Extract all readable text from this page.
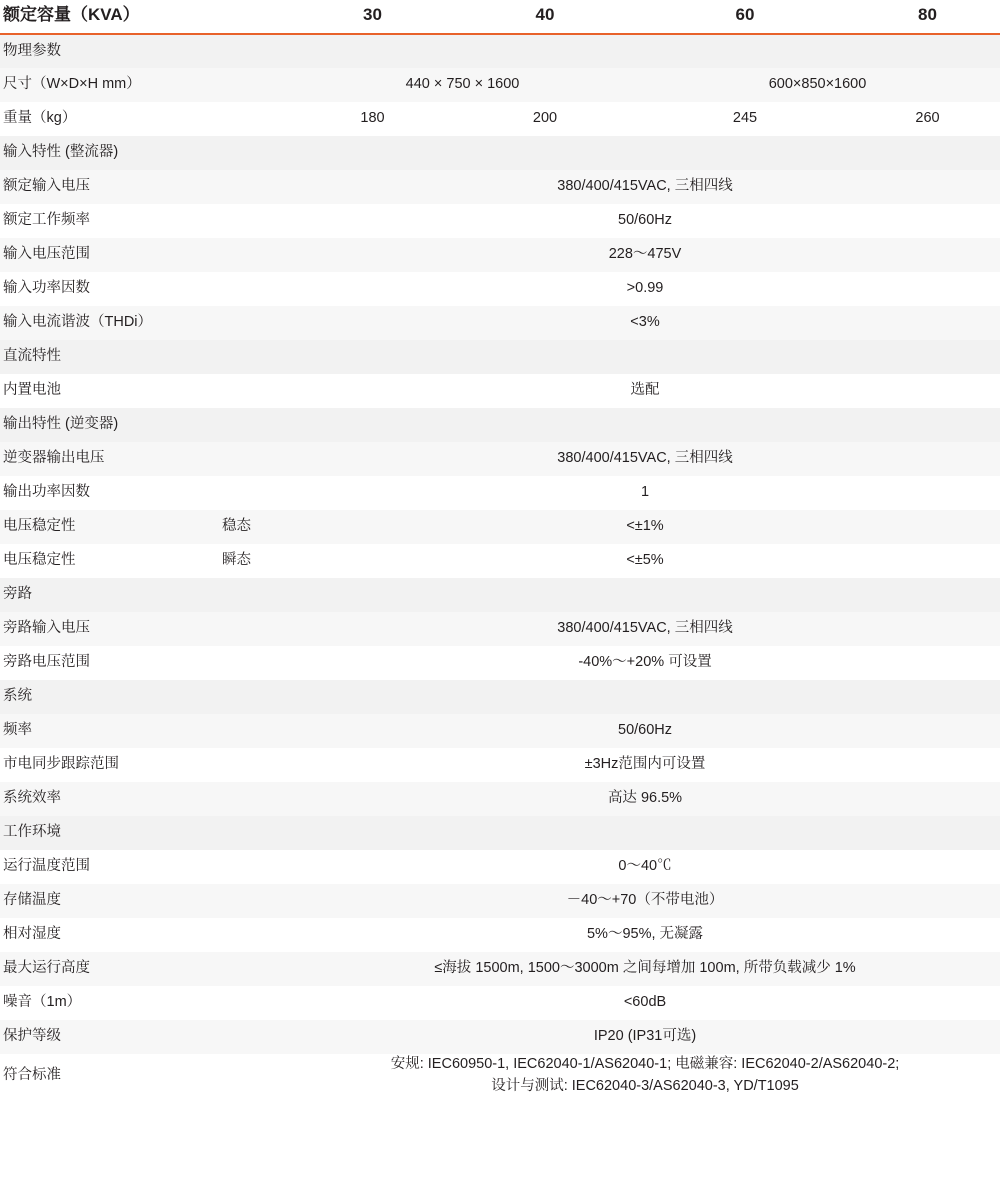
额定容量（KVA）		30	40	60	80
物理参数					
尺寸（W×D×H mm）		440 × 750 × 1600		600×850×1600	
重量（kg）		180	200	245	260
输入特性 (整流器)					
额定输入电压		380/400/415VAC, 三相四线			
额定工作频率		50/60Hz			
输入电压范围		228〜475V			
输入功率因数		>0.99			
输入电流谐波（THDi）		<3%			
直流特性					
内置电池		选配			
输出特性 (逆变器)					
逆变器输出电压		380/400/415VAC, 三相四线			
输出功率因数		1			
电压稳定性	稳态	<±1%			
电压稳定性	瞬态	<±5%			
旁路					
旁路输入电压		380/400/415VAC, 三相四线			
旁路电压范围		-40%〜+20% 可设置			
系统					
频率		50/60Hz			
市电同步跟踪范围		±3Hz范围内可设置			
系统效率		高达 96.5%			
工作环境					
运行温度范围		0〜40℃			
存储温度		－40〜+70（不带电池）			
相对湿度		5%〜95%, 无凝露			
最大运行高度		≤海拔 1500m, 1500〜3000m 之间每增加 100m, 所带负载减少 1%			
噪音（1m）		<60dB			
保护等级		IP20 (IP31可选)			
符合标准		安规: IEC60950-1, IEC62040-1/AS62040-1; 电磁兼容: IEC62040-2/AS62040-2;
设计与测试: IEC62040-3/AS62040-3, YD/T1095			
